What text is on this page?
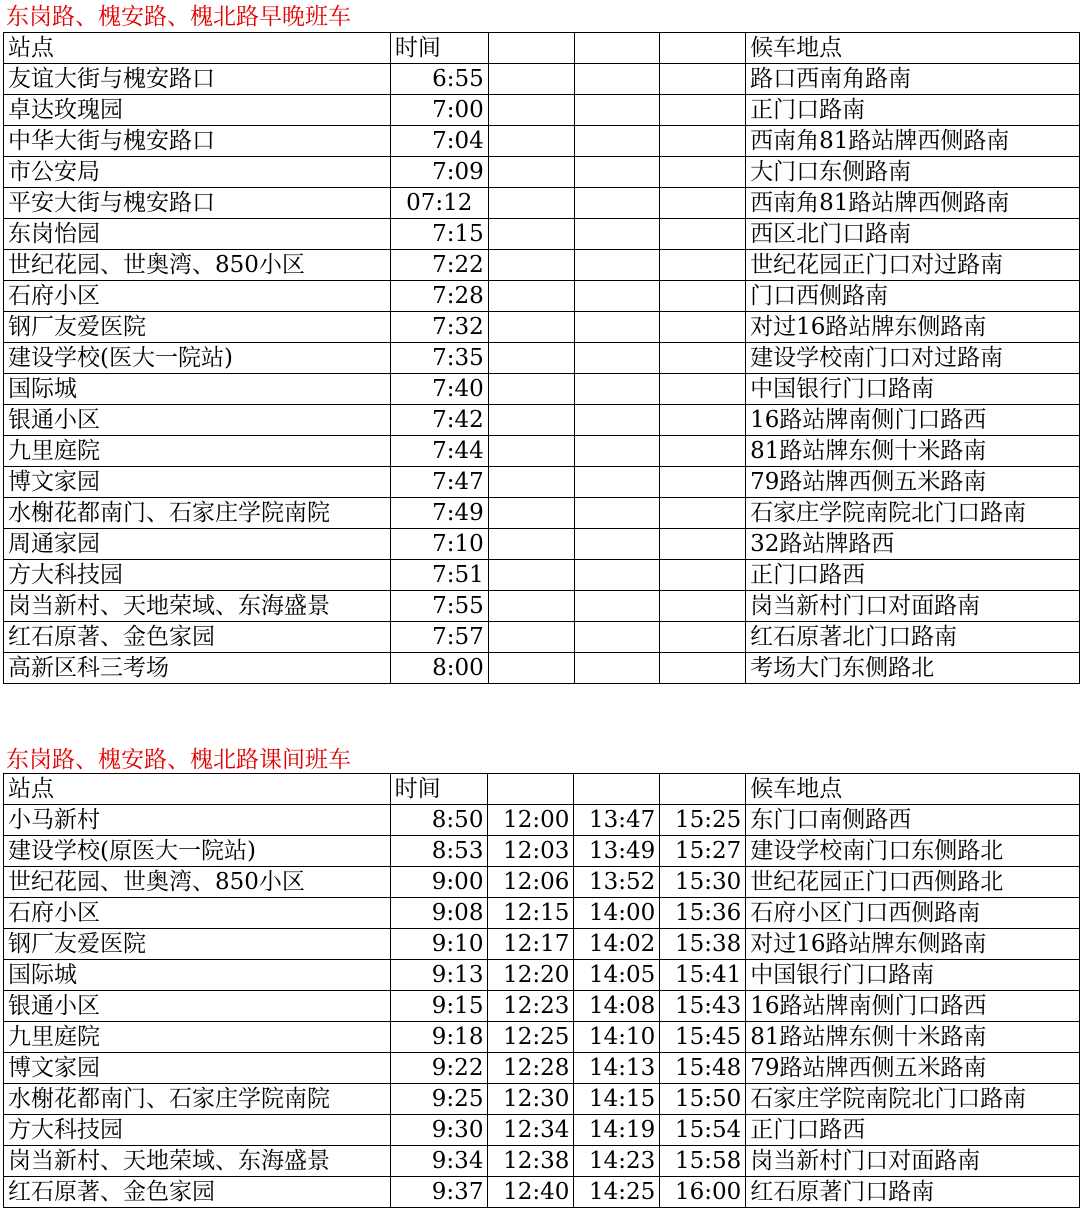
东岗路、槐安路、槐北路早晚班车
站点	时间				候车地点
友谊大街与槐安路口	6:55				路口西南角路南
卓达玫瑰园	7:00				正门口路南
中华大街与槐安路口	7:04				西南角81路站牌西侧路南
市公安局	7:09				大门口东侧路南
平安大街与槐安路口	07:12				西南角81路站牌西侧路南
东岗怡园	7:15				西区北门口路南
世纪花园、世奥湾、850小区	7:22				世纪花园正门口对过路南
石府小区	7:28				门口西侧路南
钢厂友爱医院	7:32				对过16路站牌东侧路南
建设学校(医大一院站)	7:35				建设学校南门口对过路南
国际城	7:40				中国银行门口路南
银通小区	7:42				16路站牌南侧门口路西
九里庭院	7:44				81路站牌东侧十米路南
博文家园	7:47				79路站牌西侧五米路南
水榭花都南门、石家庄学院南院	7:49				石家庄学院南院北门口路南
周通家园	7:10				32路站牌路西
方大科技园	7:51				正门口路西
岗当新村、天地荣域、东海盛景	7:55				岗当新村门口对面路南
红石原著、金色家园	7:57				红石原著北门口路南
高新区科三考场	8:00				考场大门东侧路北
东岗路、槐安路、槐北路课间班车
站点	时间				候车地点
小马新村	8:50	12:00	13:47	15:25	东门口南侧路西
建设学校(原医大一院站)	8:53	12:03	13:49	15:27	建设学校南门口东侧路北
世纪花园、世奥湾、850小区	9:00	12:06	13:52	15:30	世纪花园正门口西侧路北
石府小区	9:08	12:15	14:00	15:36	石府小区门口西侧路南
钢厂友爱医院	9:10	12:17	14:02	15:38	对过16路站牌东侧路南
国际城	9:13	12:20	14:05	15:41	中国银行门口路南
银通小区	9:15	12:23	14:08	15:43	16路站牌南侧门口路西
九里庭院	9:18	12:25	14:10	15:45	81路站牌东侧十米路南
博文家园	9:22	12:28	14:13	15:48	79路站牌西侧五米路南
水榭花都南门、石家庄学院南院	9:25	12:30	14:15	15:50	石家庄学院南院北门口路南
方大科技园	9:30	12:34	14:19	15:54	正门口路西
岗当新村、天地荣域、东海盛景	9:34	12:38	14:23	15:58	岗当新村门口对面路南
红石原著、金色家园	9:37	12:40	14:25	16:00	红石原著门口路南
